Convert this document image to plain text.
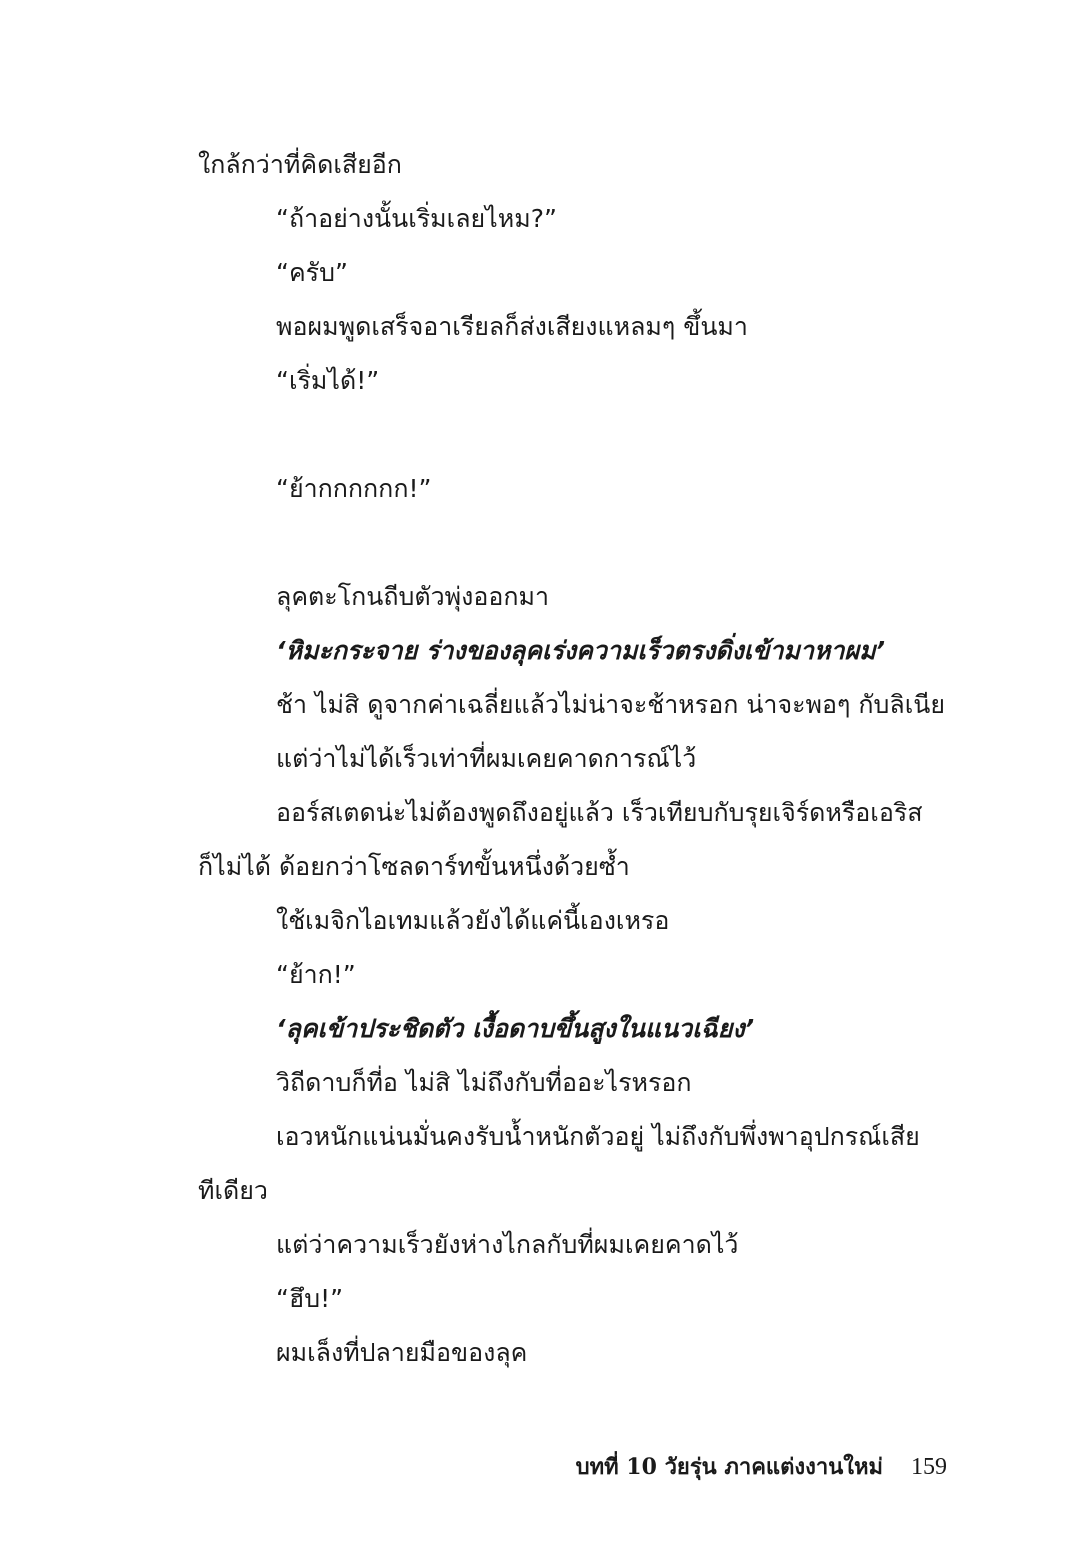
ใกล้กว่าที่คิดเสียอีก
“ถ้าอย่างนั้นเริ่มเลยไหม?”
“ครับ”
พอผมพูดเสร็จอาเรียลก็ส่งเสียงแหลมๆ ขึ้นมา
“เริ่มได้!”
“ย้ากกกกกก!”
ลุคตะโกนถีบตัวพุ่งออกมา
‘หิมะกระจาย ร่างของลุคเร่งความเร็วตรงดิ่งเข้ามาหาผม’
ช้า ไม่สิ ดูจากค่าเฉลี่ยแล้วไม่น่าจะช้าหรอก น่าจะพอๆ กับลิเนีย
แต่ว่าไม่ได้เร็วเท่าที่ผมเคยคาดการณ์ไว้
ออร์สเตดน่ะไม่ต้องพูดถึงอยู่แล้ว เร็วเทียบกับรุยเจิร์ดหรือเอริส
ก็ไม่ได้ ด้อยกว่าโซลดาร์ทขั้นหนึ่งด้วยซ้ำ
ใช้เมจิกไอเทมแล้วยังได้แค่นี้เองเหรอ
“ย้าก!”
‘ลุคเข้าประชิดตัว เงื้อดาบขึ้นสูงในแนวเฉียง’
วิถีดาบก็ที่อ ไม่สิ ไม่ถึงกับที่ออะไรหรอก
เอวหนักแน่นมั่นคงรับน้ำหนักตัวอยู่ ไม่ถึงกับพึ่งพาอุปกรณ์เสีย
ทีเดียว
แต่ว่าความเร็วยังห่างไกลกับที่ผมเคยคาดไว้
“ฮึบ!”
ผมเล็งที่ปลายมือของลุค
บทที่ 10 วัยรุ่น ภาคแต่งงานใหม่ 159
